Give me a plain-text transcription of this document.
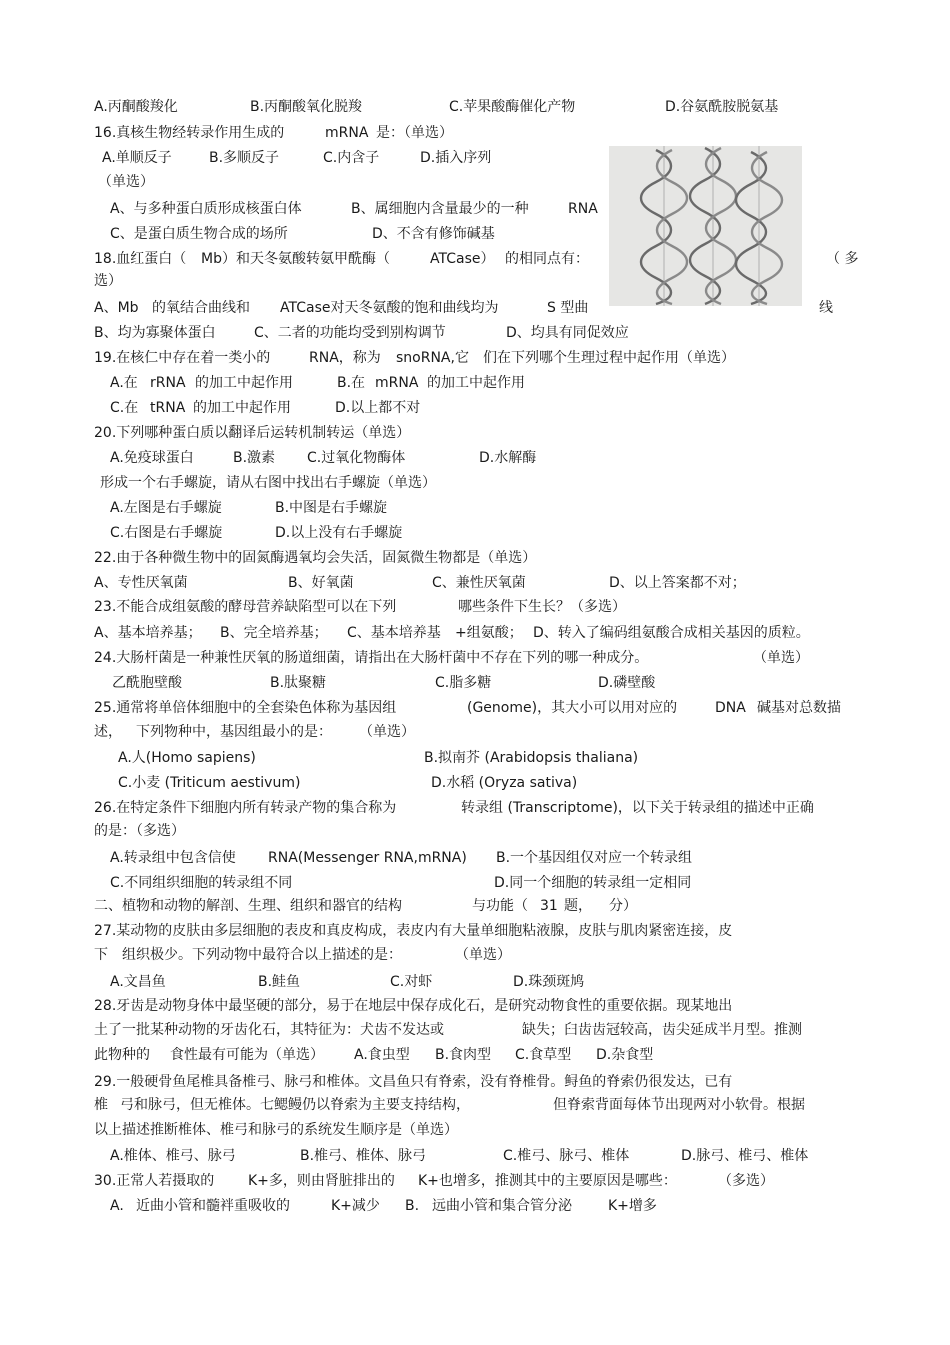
A.丙酮酸羧化	B.丙酮酸氧化脱羧	C.苹果酸酶催化产物	D.谷氨酰胺脱氨基
16.真核生物经转录作用生成的	mRNA 是：（单选）
A.单顺反子	B.多顺反子	C.内含子	D.插入序列
（单选）
A、与多种蛋白质形成核蛋白体	B、属细胞内含量最少的一种	RNA
C、是蛋白质生物合成的场所	D、不含有修饰碱基
18.血红蛋白（ Mb）和天冬氨酸转氨甲酰酶（	ATCase） 的相同点有：	（ 多
选）
A、Mb 的氧结合曲线和 ATCase对天冬氨酸的饱和曲线均为	S 型曲	线
B、均为寡聚体蛋白	C、二者的功能均受到别构调节	D、均具有同促效应
19.在核仁中存在着一类小的	RNA，称为 snoRNA,它 们在下列哪个生理过程中起作用（单选）
A.在 rRNA 的加工中起作用	B.在 mRNA 的加工中起作用
C.在 tRNA 的加工中起作用	D.以上都不对
20.下列哪种蛋白质以翻译后运转机制转运（单选）
A.免疫球蛋白	B.激素 C.过氧化物酶体	D.水解酶
形成一个右手螺旋，请从右图中找出右手螺旋（单选）
A.左图是右手螺旋	B.中图是右手螺旋
C.右图是右手螺旋	D.以上没有右手螺旋
22.由于各种微生物中的固氮酶遇氧均会失活，固氮微生物都是（单选）
A、专性厌氧菌	B、好氧菌	C、兼性厌氧菌	D、以上答案都不对；
23.不能合成组氨酸的酵母营养缺陷型可以在下列	哪些条件下生长？（多选）
A、基本培养基； B、完全培养基； C、基本培养基 +组氨酸； D、转入了编码组氨酸合成相关基因的质粒。
24.大肠杆菌是一种兼性厌氧的肠道细菌，请指出在大肠杆菌中不存在下列的哪一种成分。	（单选）
乙酰胞壁酸	B.肽聚糖	C.脂多糖	D.磷壁酸
25.通常将单倍体细胞中的全套染色体称为基因组	(Genome)，其大小可以用对应的	DNA 碱基对总数描
述， 下列物种中，基因组最小的是： （单选）
A.人(Homo sapiens)	B.拟南芥 (Arabidopsis thaliana)
C.小麦 (Triticum aestivum)	D.水稻 (Oryza sativa)
26.在特定条件下细胞内所有转录产物的集合称为	转录组 (Transcriptome)，以下关于转录组的描述中正确
的是：（多选）
A.转录组中包含信使 RNA(Messenger RNA,mRNA) B.一个基因组仅对应一个转录组
C.不同组织细胞的转录组不同	D.同一个细胞的转录组一定相同
二、植物和动物的解剖、生理、组织和器官的结构	与功能（ 31 题， 分）
27.某动物的皮肤由多层细胞的表皮和真皮构成，表皮内有大量单细胞粘液腺，皮肤与肌肉紧密连接，皮
下 组织极少。下列动物中最符合以上描述的是：	（单选）
A.文昌鱼	B.鲑鱼	C.对虾	D.珠颈斑鸠
28.牙齿是动物身体中最坚硬的部分，易于在地层中保存成化石，是研究动物食性的重要依据。现某地出
土了一批某种动物的牙齿化石，其特征为：犬齿不发达或	缺失；臼齿齿冠较高，齿尖延成半月型。推测
此物种的 食性最有可能为（单选） A.食虫型 B.食肉型 C.食草型 D.杂食型
29.一般硬骨鱼尾椎具备椎弓、脉弓和椎体。文昌鱼只有脊索，没有脊椎骨。鲟鱼的脊索仍很发达，已有
椎 弓和脉弓，但无椎体。七鳃鳗仍以脊索为主要支持结构，	但脊索背面每体节出现两对小软骨。根据
以上描述推断椎体、椎弓和脉弓的系统发生顺序是（单选）
A.椎体、椎弓、脉弓	B.椎弓、椎体、脉弓	C.椎弓、脉弓、椎体	D.脉弓、椎弓、椎体
30.正常人若摄取的 K+多，则由肾脏排出的 K+也增多，推测其中的主要原因是哪些：	（多选）
A. 近曲小管和髓袢重吸收的	K+减少 B. 远曲小管和集合管分泌	K+增多
